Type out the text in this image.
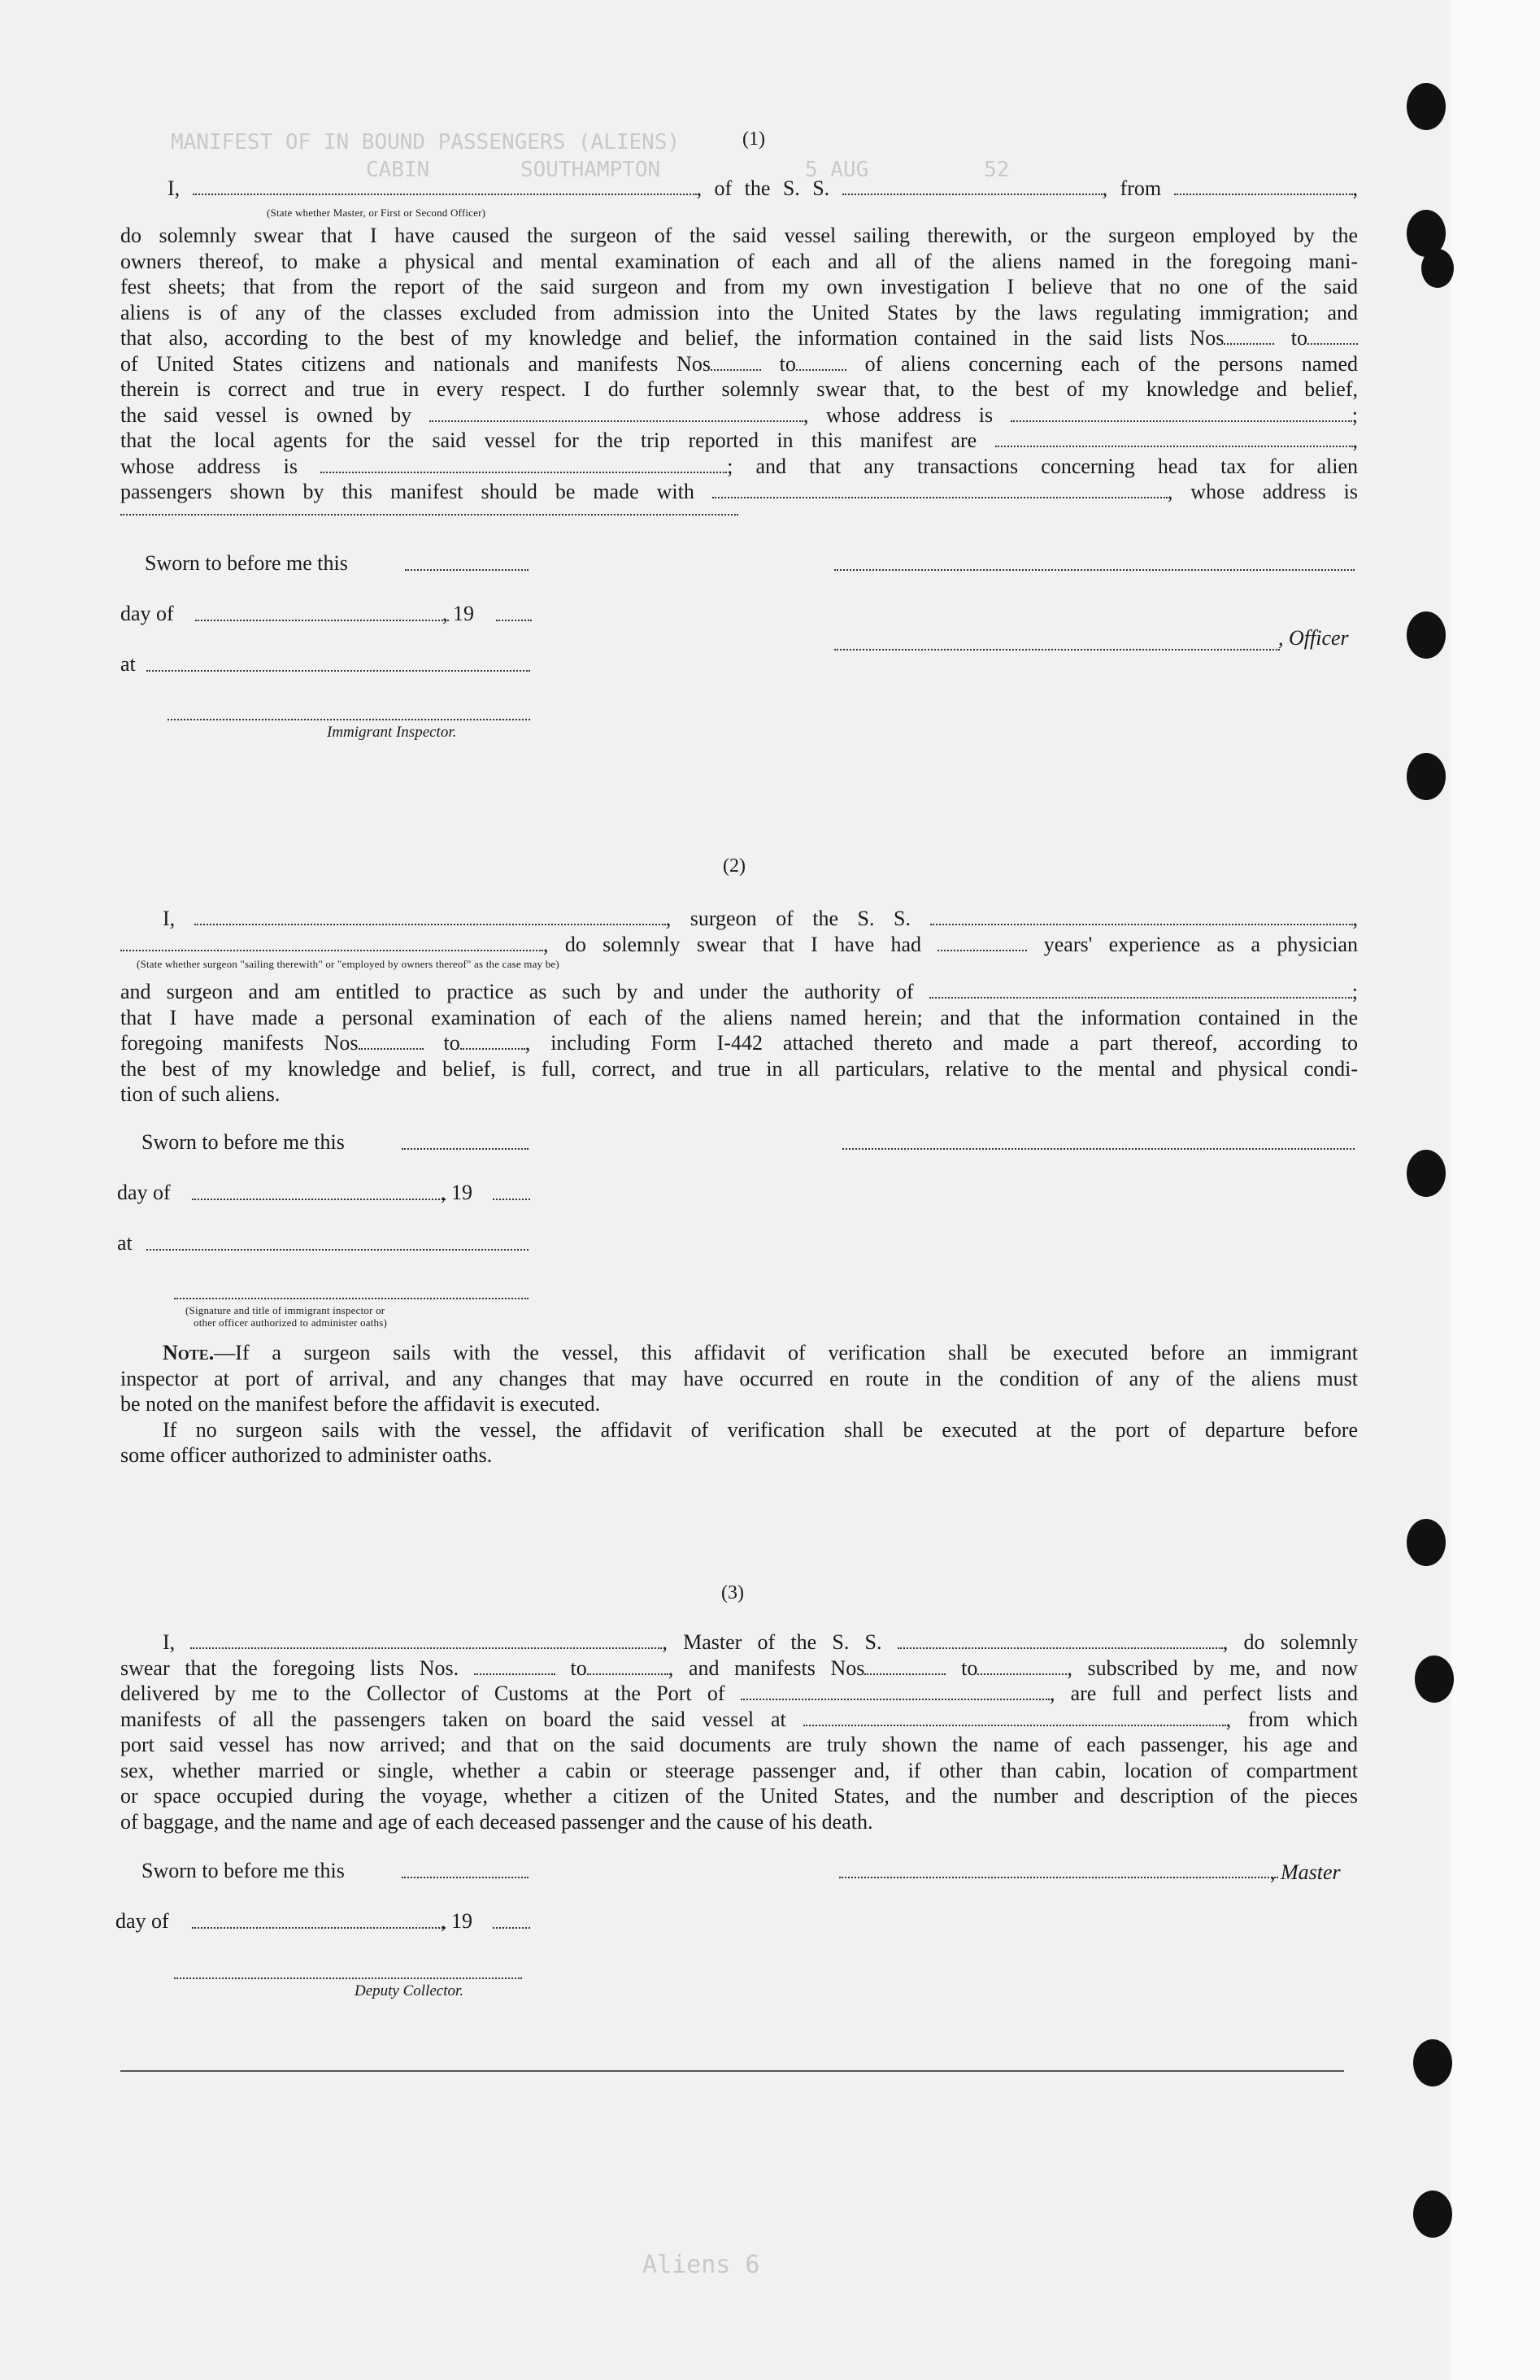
MANIFEST OF IN BOUND PASSENGERS (ALIENS)
CABIN	SOUTHAMPTON	5 AUG	52
Aliens 6
(1)
I,	, of the S. S.	, from	,
(State whether Master, or First or Second Officer)
do solemnly swear that I have caused the surgeon of the said vessel sailing therewith, or the surgeon employed by the
owners thereof, to make a physical and mental examination of each and all of the aliens named in the foregoing mani-
fest sheets; that from the report of the said surgeon and from my own investigation I believe that no one of the said
aliens is of any of the classes excluded from admission into the United States by the laws regulating immigration; and
that also, according to the best of my knowledge and belief, the information contained in the said lists Nos	to
of United States citizens and nationals and manifests Nos	to	of aliens concerning each of the persons named
therein is correct and true in every respect. I do further solemnly swear that, to the best of my knowledge and belief,
the said vessel is owned by	, whose address is	;
that the local agents for the said vessel for the trip reported in this manifest are	,
whose address is	; and that any transactions concerning head tax for alien
passengers shown by this manifest should be made with	, whose address is
Sworn to before me this
day of	, 19
, Officer
at
Immigrant Inspector.
(2)
I,	, surgeon of the S. S.	,
, do solemnly swear that I have had	years' experience as a physician
(State whether surgeon "sailing therewith" or "employed by owners thereof" as the case may be)
and surgeon and am entitled to practice as such by and under the authority of	;
that I have made a personal examination of each of the aliens named herein; and that the information contained in the
foregoing manifests Nos	to	, including Form I-442 attached thereto and made a part thereof, according to
the best of my knowledge and belief, is full, correct, and true in all particulars, relative to the mental and physical condi-
tion of such aliens.
Sworn to before me this
day of	, 19
at
(Signature and title of immigrant inspector or
other officer authorized to administer oaths)
Note.—If a surgeon sails with the vessel, this affidavit of verification shall be executed before an immigrant
inspector at port of arrival, and any changes that may have occurred en route in the condition of any of the aliens must
be noted on the manifest before the affidavit is executed.
If no surgeon sails with the vessel, the affidavit of verification shall be executed at the port of departure before
some officer authorized to administer oaths.
(3)
I,	, Master of the S. S.	, do solemnly
swear that the foregoing lists Nos.	to	, and manifests Nos	to	, subscribed by me, and now
delivered by me to the Collector of Customs at the Port of	, are full and perfect lists and
manifests of all the passengers taken on board the said vessel at	, from which
port said vessel has now arrived; and that on the said documents are truly shown the name of each passenger, his age and
sex, whether married or single, whether a cabin or steerage passenger and, if other than cabin, location of compartment
or space occupied during the voyage, whether a citizen of the United States, and the number and description of the pieces
of baggage, and the name and age of each deceased passenger and the cause of his death.
Sworn to before me this	, Master
day of	, 19
Deputy Collector.
